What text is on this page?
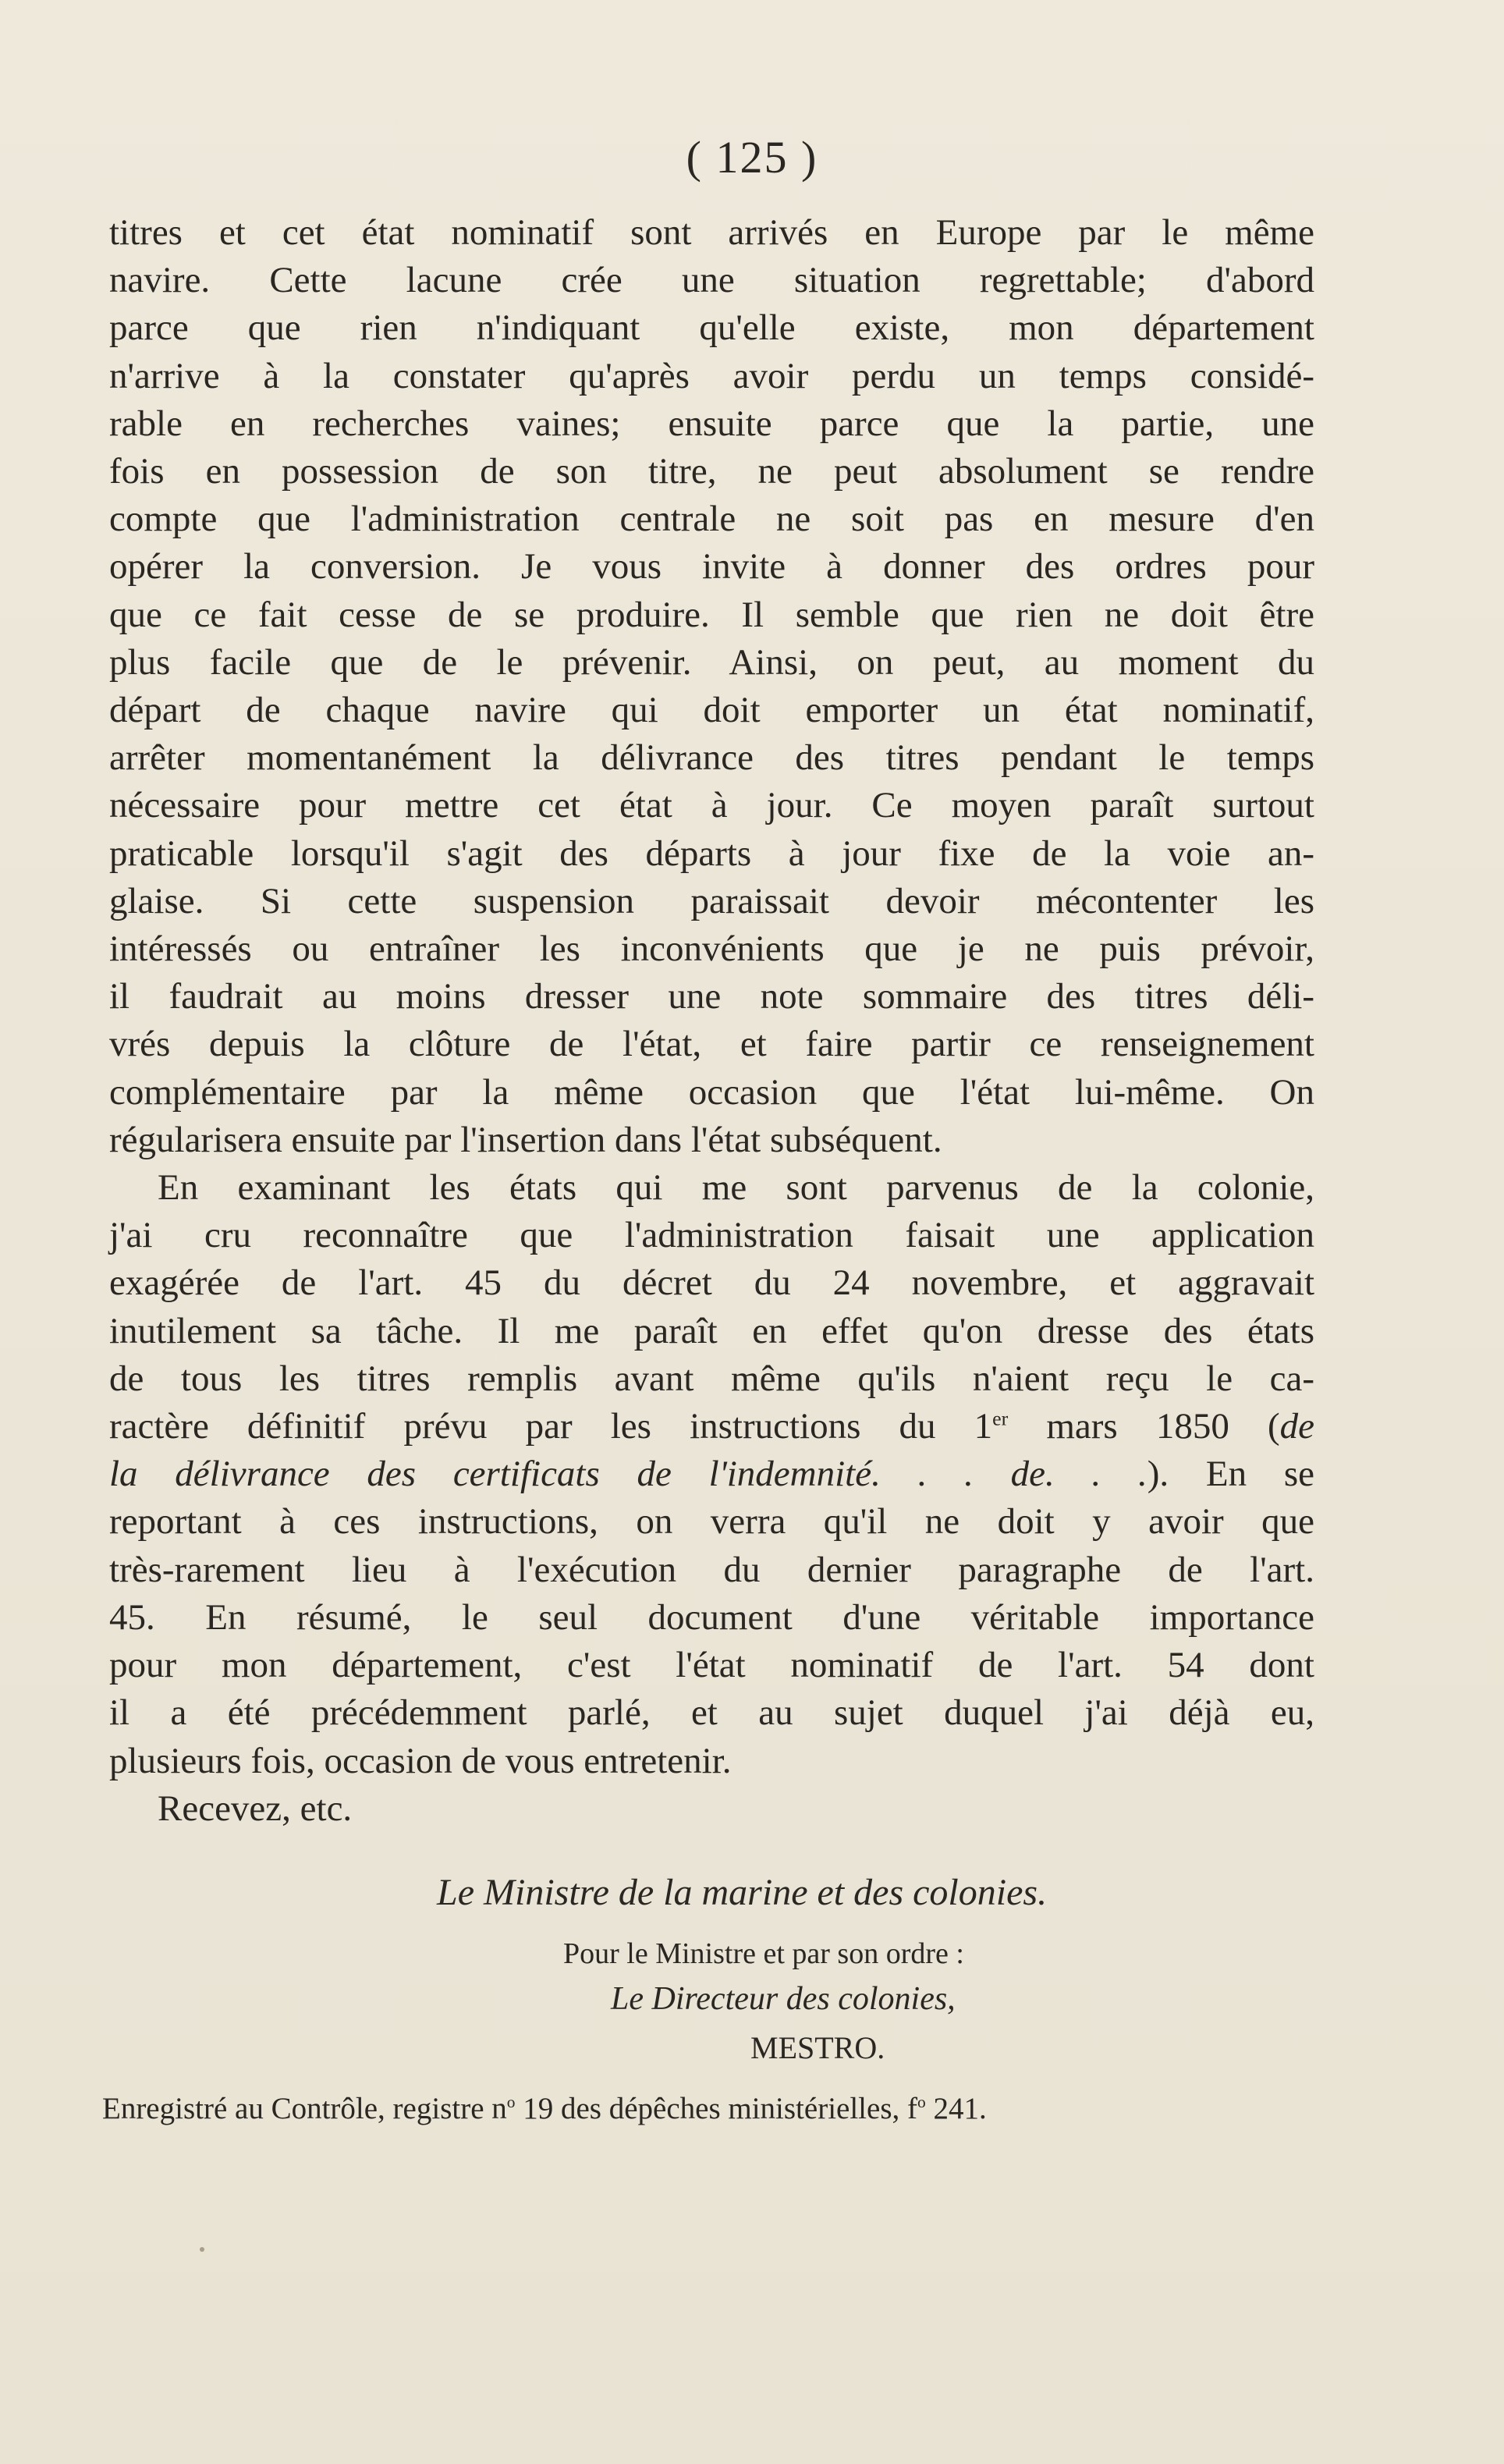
( 125 )
titres et cet état nominatif sont arrivés en Europe par le même
navire. Cette lacune crée une situation regrettable; d'abord
parce que rien n'indiquant qu'elle existe, mon département
n'arrive à la constater qu'après avoir perdu un temps considé-
rable en recherches vaines; ensuite parce que la partie, une
fois en possession de son titre, ne peut absolument se rendre
compte que l'administration centrale ne soit pas en mesure d'en
opérer la conversion. Je vous invite à donner des ordres pour
que ce fait cesse de se produire. Il semble que rien ne doit être
plus facile que de le prévenir. Ainsi, on peut, au moment du
départ de chaque navire qui doit emporter un état nominatif,
arrêter momentanément la délivrance des titres pendant le temps
nécessaire pour mettre cet état à jour. Ce moyen paraît surtout
praticable lorsqu'il s'agit des départs à jour fixe de la voie an-
glaise. Si cette suspension paraissait devoir mécontenter les
intéressés ou entraîner les inconvénients que je ne puis prévoir,
il faudrait au moins dresser une note sommaire des titres déli-
vrés depuis la clôture de l'état, et faire partir ce renseignement
complémentaire par la même occasion que l'état lui-même. On
régularisera ensuite par l'insertion dans l'état subséquent.
En examinant les états qui me sont parvenus de la colonie,
j'ai cru reconnaître que l'administration faisait une application
exagérée de l'art. 45 du décret du 24 novembre, et aggravait
inutilement sa tâche. Il me paraît en effet qu'on dresse des états
de tous les titres remplis avant même qu'ils n'aient reçu le ca-
ractère définitif prévu par les instructions du 1er mars 1850 (de
la délivrance des certificats de l'indemnité. . . de. . .). En se
reportant à ces instructions, on verra qu'il ne doit y avoir que
très-rarement lieu à l'exécution du dernier paragraphe de l'art.
45. En résumé, le seul document d'une véritable importance
pour mon département, c'est l'état nominatif de l'art. 54 dont
il a été précédemment parlé, et au sujet duquel j'ai déjà eu,
plusieurs fois, occasion de vous entretenir.
Recevez, etc.
Le Ministre de la marine et des colonies.
Pour le Ministre et par son ordre :
Le Directeur des colonies,
MESTRO.
Enregistré au Contrôle, registre $n^o$ 19 des dépêches ministérielles, $f^o$ 241.
